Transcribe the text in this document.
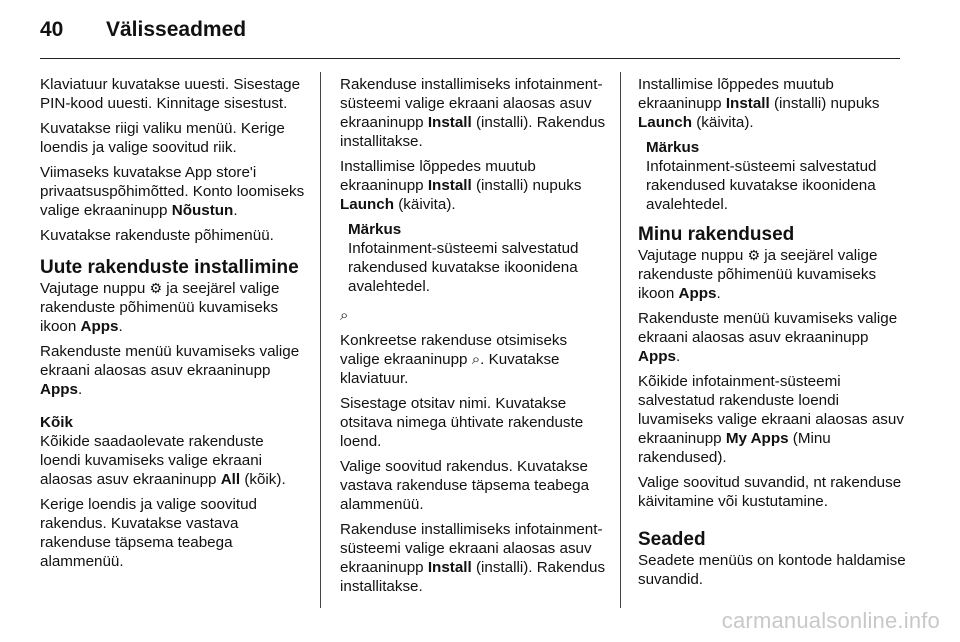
40 Välisseadmed

Klaviatuur kuvatakse uuesti. Sisestage PIN-kood uuesti. Kinnitage sisestust.

Kuvatakse riigi valiku menüü. Kerige loendis ja valige soovitud riik.

Viimaseks kuvatakse App store'i privaatsuspõhimõtted. Konto loomiseks valige ekraaninupp Nõustun.

Kuvatakse rakenduste põhimenüü.

Uute rakenduste installimine

Vajutage nuppu ⚙ ja seejärel valige rakenduste põhimenüü kuvamiseks ikoon Apps.

Rakenduste menüü kuvamiseks valige ekraani alaosas asuv ekraaninupp Apps.

Kõik

Kõikide saadaolevate rakenduste loendi kuvamiseks valige ekraani alaosas asuv ekraaninupp All (kõik).

Kerige loendis ja valige soovitud rakendus. Kuvatakse vastava rakenduse täpsema teabega alammenüü.

Rakenduse installimiseks infotainment-süsteemi valige ekraani alaosas asuv ekraaninupp Install (installi). Rakendus installitakse.

Installimise lõppedes muutub ekraaninupp Install (installi) nupuks Launch (käivita).

Märkus
Infotainment-süsteemi salvestatud rakendused kuvatakse ikoonidena avalehtedel.

⌕

Konkreetse rakenduse otsimiseks valige ekraaninupp ⌕. Kuvatakse klaviatuur.

Sisestage otsitav nimi. Kuvatakse otsitava nimega ühtivate rakenduste loend.

Valige soovitud rakendus. Kuvatakse vastava rakenduse täpsema teabega alammenüü.

Rakenduse installimiseks infotainment-süsteemi valige ekraani alaosas asuv ekraaninupp Install (installi). Rakendus installitakse.

Installimise lõppedes muutub ekraaninupp Install (installi) nupuks Launch (käivita).

Märkus
Infotainment-süsteemi salvestatud rakendused kuvatakse ikoonidena avalehtedel.
Minu rakendused

Vajutage nuppu ⚙ ja seejärel valige rakenduste põhimenüü kuvamiseks ikoon Apps.

Rakenduste menüü kuvamiseks valige ekraani alaosas asuv ekraaninupp Apps.

Kõikide infotainment-süsteemi salvestatud rakenduste loendi luvamiseks valige ekraani alaosas asuv ekraaninupp My Apps (Minu rakendused).

Valige soovitud suvandid, nt rakenduse käivitamine või kustutamine.

Seaded

Seadete menüüs on kontode haldamise suvandid.

carmanualsonline.info
